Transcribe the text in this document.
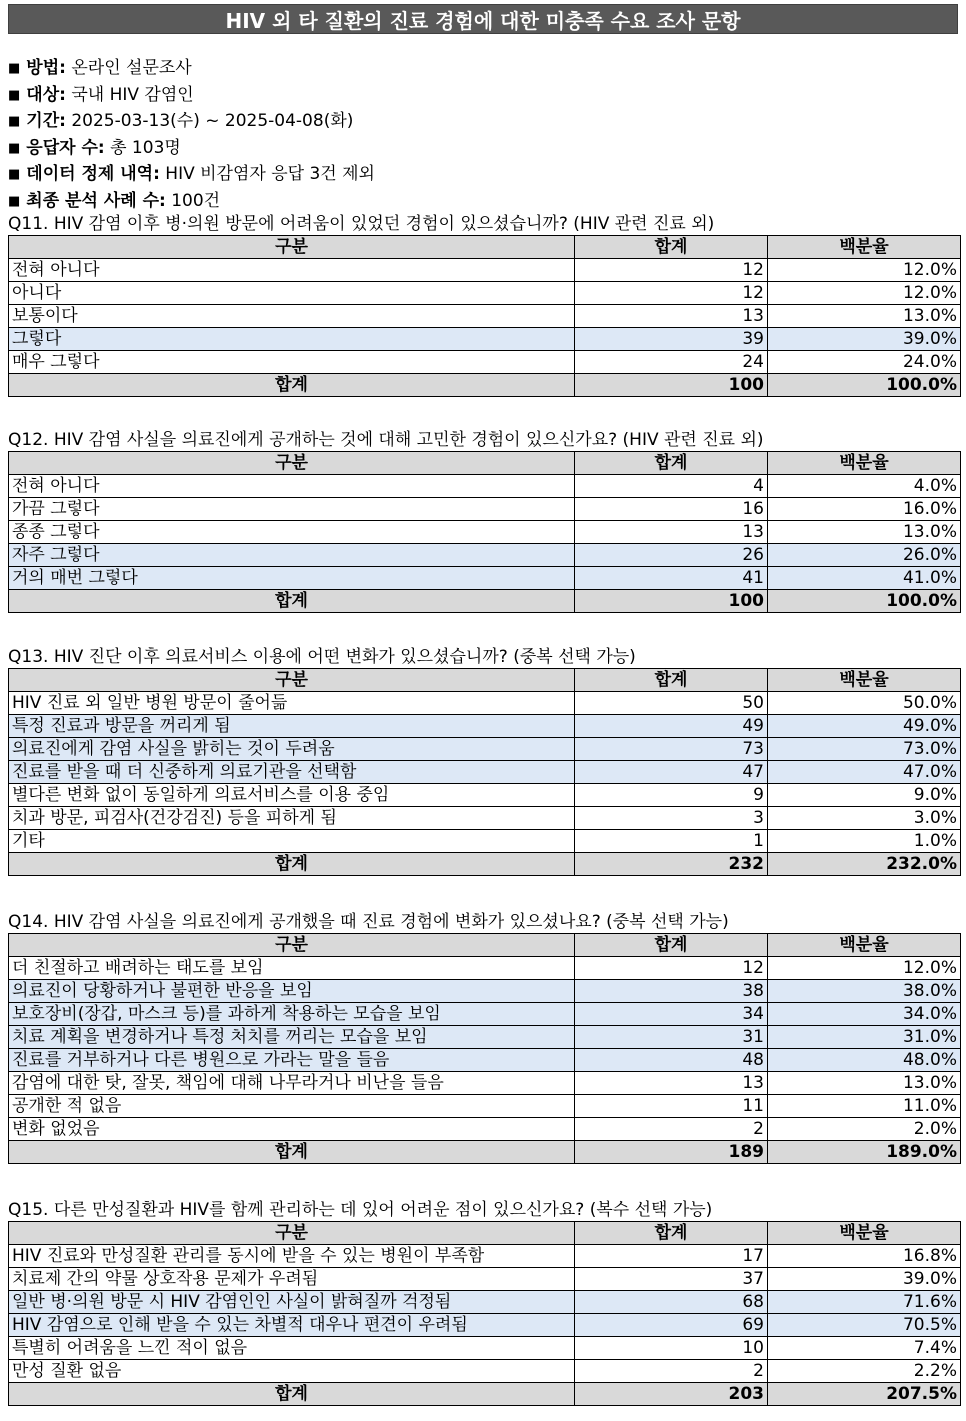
HIV 외 타 질환의 진료 경험에 대한 미충족 수요 조사 문항
■ 방법: 온라인 설문조사
■ 대상: 국내 HIV 감염인
■ 기간: 2025-03-13(수) ~ 2025-04-08(화)
■ 응답자 수: 총 103명
■ 데이터 정제 내역: HIV 비감염자 응답 3건 제외
■ 최종 분석 사례 수: 100건
Q11. HIV 감염 이후 병·의원 방문에 어려움이 있었던 경험이 있으셨습니까? (HIV 관련 진료 외)
구분	합계	백분율
전혀 아니다	12	12.0%
아니다	12	12.0%
보통이다	13	13.0%
그렇다	39	39.0%
매우 그렇다	24	24.0%
합계	100	100.0%
Q12. HIV 감염 사실을 의료진에게 공개하는 것에 대해 고민한 경험이 있으신가요? (HIV 관련 진료 외)
구분	합계	백분율
전혀 아니다	4	4.0%
가끔 그렇다	16	16.0%
종종 그렇다	13	13.0%
자주 그렇다	26	26.0%
거의 매번 그렇다	41	41.0%
합계	100	100.0%
Q13. HIV 진단 이후 의료서비스 이용에 어떤 변화가 있으셨습니까? (중복 선택 가능)
구분	합계	백분율
HIV 진료 외 일반 병원 방문이 줄어듦	50	50.0%
특정 진료과 방문을 꺼리게 됨	49	49.0%
의료진에게 감염 사실을 밝히는 것이 두려움	73	73.0%
진료를 받을 때 더 신중하게 의료기관을 선택함	47	47.0%
별다른 변화 없이 동일하게 의료서비스를 이용 중임	9	9.0%
치과 방문, 피검사(건강검진) 등을 피하게 됨	3	3.0%
기타	1	1.0%
합계	232	232.0%
Q14. HIV 감염 사실을 의료진에게 공개했을 때 진료 경험에 변화가 있으셨나요? (중복 선택 가능)
구분	합계	백분율
더 친절하고 배려하는 태도를 보임	12	12.0%
의료진이 당황하거나 불편한 반응을 보임	38	38.0%
보호장비(장갑, 마스크 등)를 과하게 착용하는 모습을 보임	34	34.0%
치료 계획을 변경하거나 특정 처치를 꺼리는 모습을 보임	31	31.0%
진료를 거부하거나 다른 병원으로 가라는 말을 들음	48	48.0%
감염에 대한 탓, 잘못, 책임에 대해 나무라거나 비난을 들음	13	13.0%
공개한 적 없음	11	11.0%
변화 없었음	2	2.0%
합계	189	189.0%
Q15. 다른 만성질환과 HIV를 함께 관리하는 데 있어 어려운 점이 있으신가요? (복수 선택 가능)
구분	합계	백분율
HIV 진료와 만성질환 관리를 동시에 받을 수 있는 병원이 부족함	17	16.8%
치료제 간의 약물 상호작용 문제가 우려됨	37	39.0%
일반 병·의원 방문 시 HIV 감염인인 사실이 밝혀질까 걱정됨	68	71.6%
HIV 감염으로 인해 받을 수 있는 차별적 대우나 편견이 우려됨	69	70.5%
특별히 어려움을 느낀 적이 없음	10	7.4%
만성 질환 없음	2	2.2%
합계	203	207.5%
